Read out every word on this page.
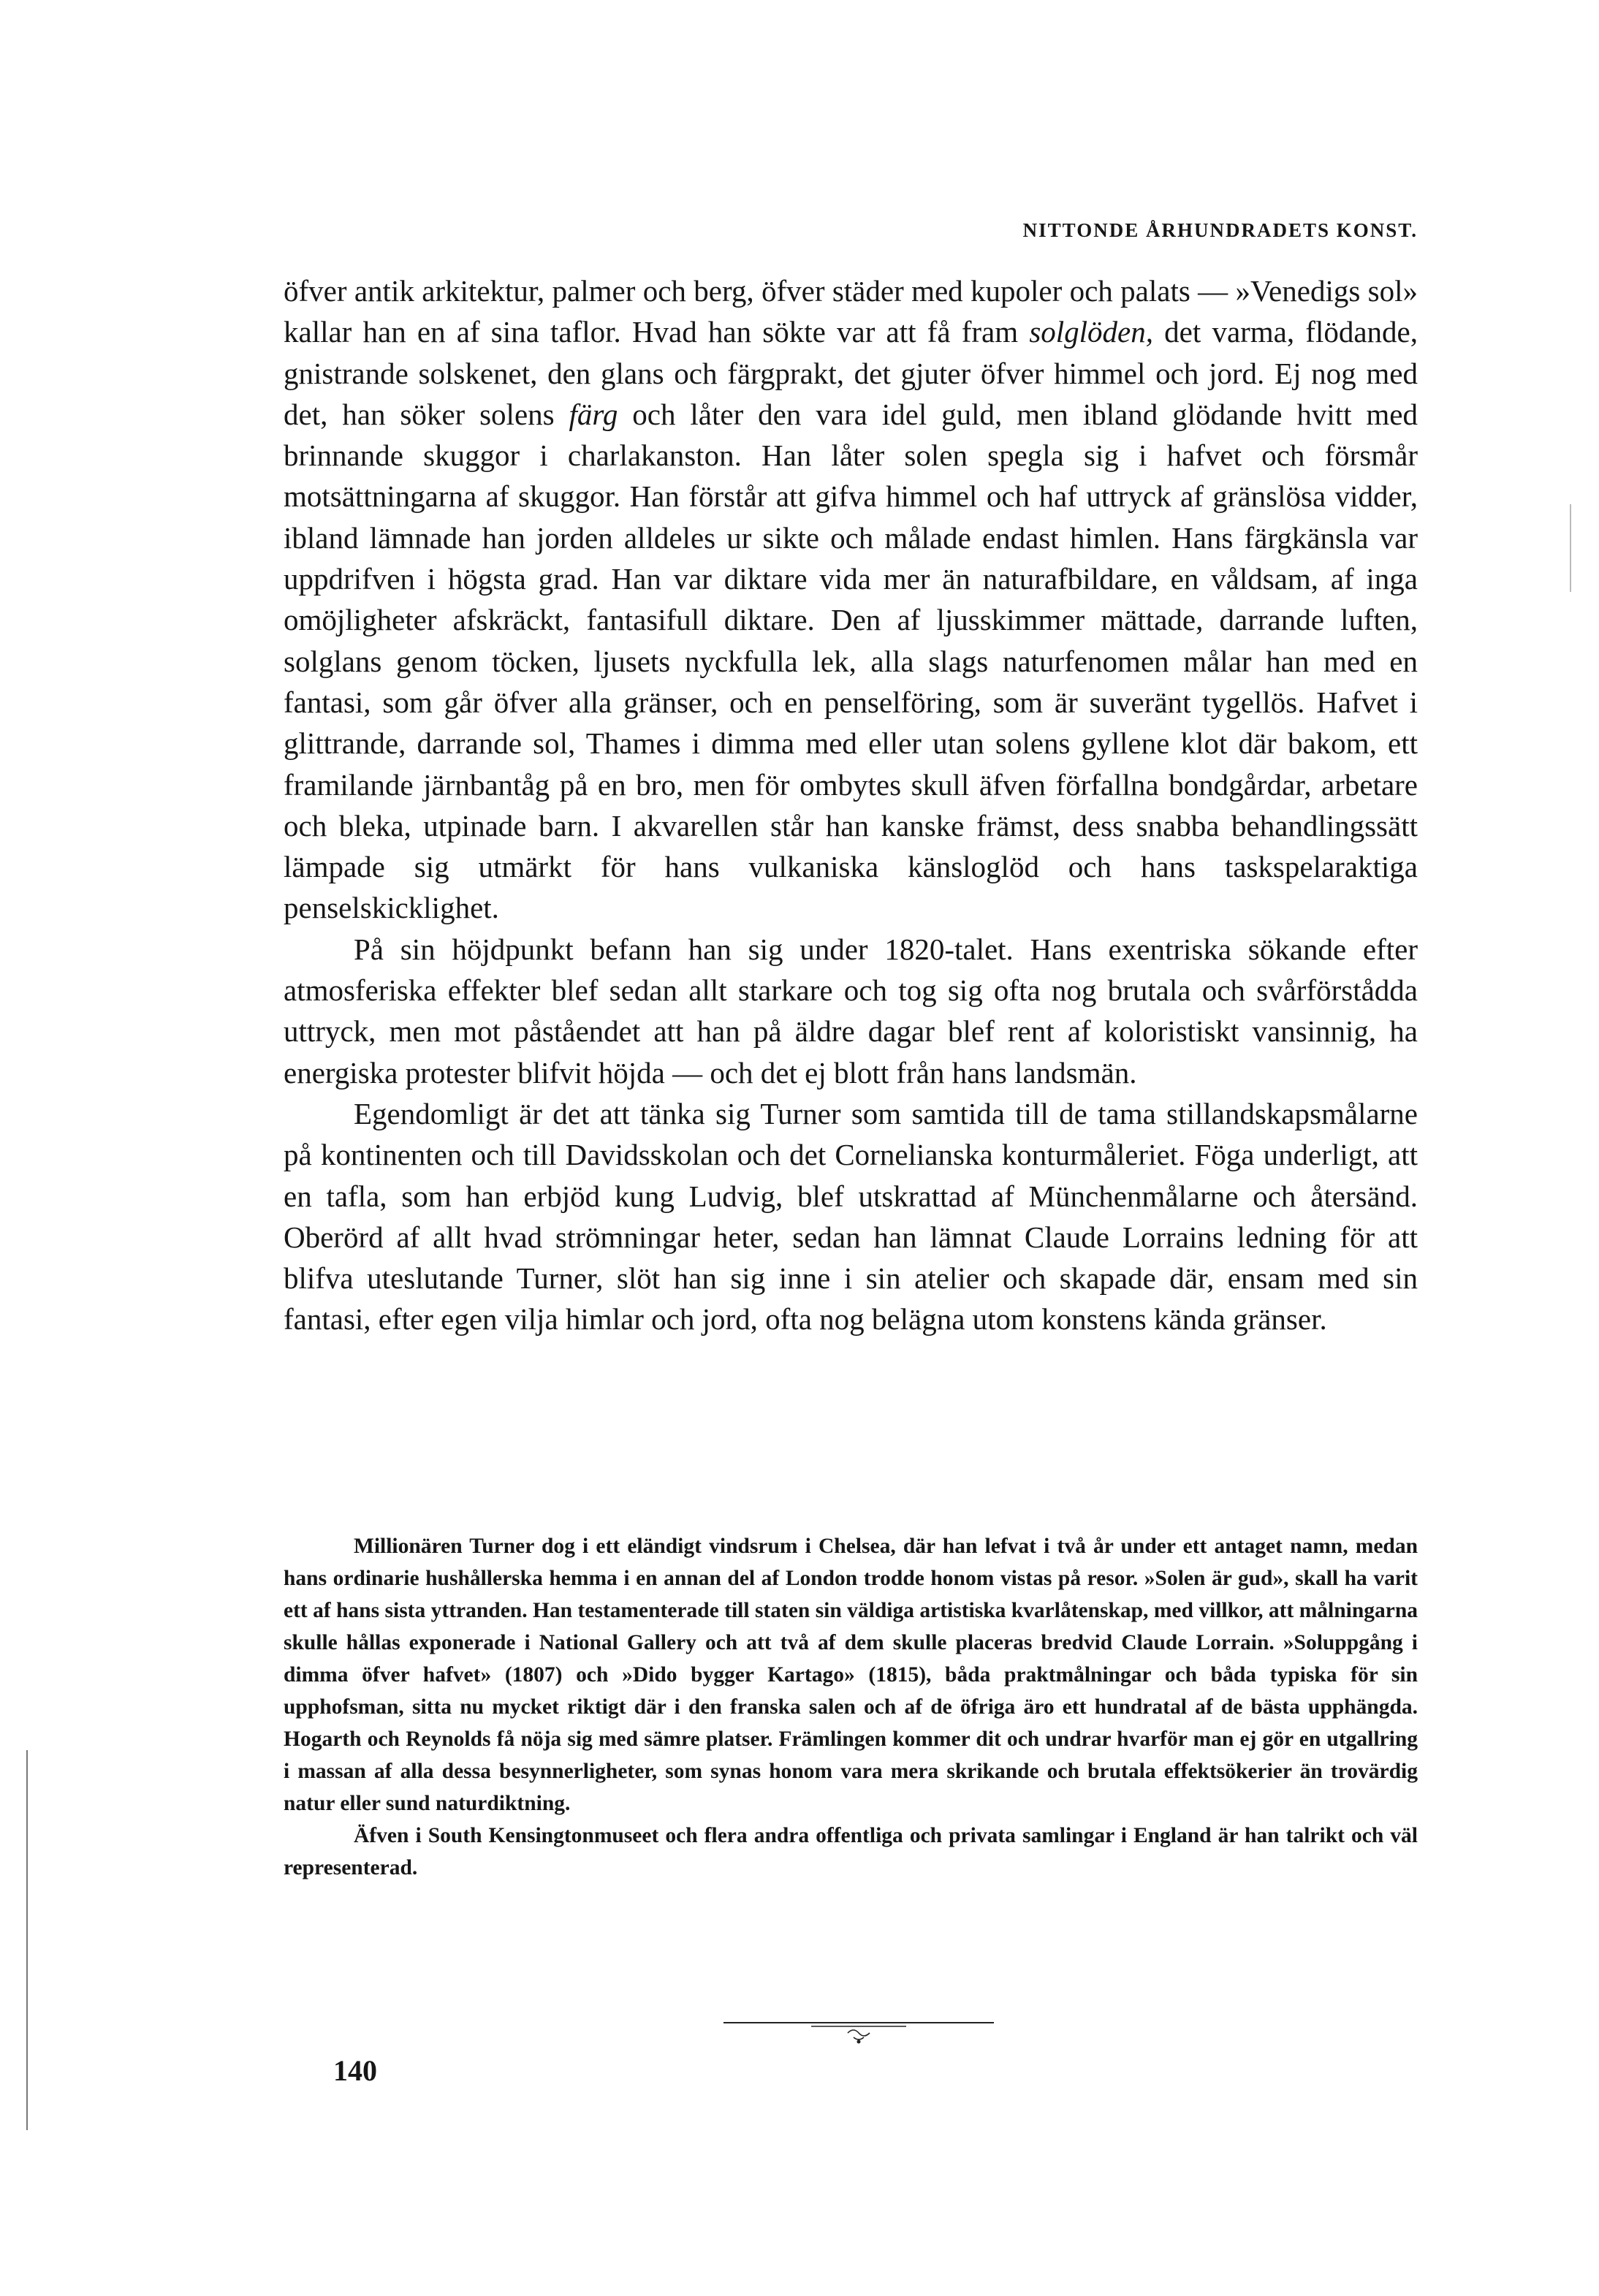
NITTONDE ÅRHUNDRADETS KONST.

öfver antik arkitektur, palmer och berg, öfver städer med kupoler och palats — »Venedigs sol» kallar han en af sina taflor. Hvad han sökte var att få fram solglöden, det varma, flödande, gnistrande solskenet, den glans och färgprakt, det gjuter öfver himmel och jord. Ej nog med det, han söker solens färg och låter den vara idel guld, men ibland glödande hvitt med brinnande skuggor i charlakanston. Han låter solen spegla sig i hafvet och försmår motsättningarna af skuggor. Han förstår att gifva himmel och haf uttryck af gränslösa vidder, ibland lämnade han jorden alldeles ur sikte och målade endast himlen. Hans färgkänsla var uppdrifven i högsta grad. Han var diktare vida mer än naturafbildare, en våldsam, af inga omöjligheter afskräckt, fantasifull diktare. Den af ljusskimmer mättade, darrande luften, solglans genom töcken, ljusets nyckfulla lek, alla slags naturfenomen målar han med en fantasi, som går öfver alla gränser, och en penselföring, som är suveränt tygellös. Hafvet i glittrande, darrande sol, Thames i dimma med eller utan solens gyllene klot där bakom, ett framilande järnbantåg på en bro, men för ombytes skull äfven förfallna bondgårdar, arbetare och bleka, utpinade barn. I akvarellen står han kanske främst, dess snabba behandlingssätt lämpade sig utmärkt för hans vulkaniska känsloglöd och hans taskspelaraktiga penselskicklighet.

På sin höjdpunkt befann han sig under 1820-talet. Hans exentriska sökande efter atmosferiska effekter blef sedan allt starkare och tog sig ofta nog brutala och svårförstådda uttryck, men mot påståendet att han på äldre dagar blef rent af koloristiskt vansinnig, ha energiska protester blifvit höjda — och det ej blott från hans landsmän.

Egendomligt är det att tänka sig Turner som samtida till de tama stillandskapsmålarne på kontinenten och till Davidsskolan och det Cornelianska konturmåleriet. Föga underligt, att en tafla, som han erbjöd kung Ludvig, blef utskrattad af Münchenmålarne och återsänd. Oberörd af allt hvad strömningar heter, sedan han lämnat Claude Lorrains ledning för att blifva uteslutande Turner, slöt han sig inne i sin atelier och skapade där, ensam med sin fantasi, efter egen vilja himlar och jord, ofta nog belägna utom konstens kända gränser.

Millionären Turner dog i ett eländigt vindsrum i Chelsea, där han lefvat i två år under ett antaget namn, medan hans ordinarie hushållerska hemma i en annan del af London trodde honom vistas på resor. »Solen är gud», skall ha varit ett af hans sista yttranden. Han testamenterade till staten sin väldiga artistiska kvarlåtenskap, med villkor, att målningarna skulle hållas exponerade i National Gallery och att två af dem skulle placeras bredvid Claude Lorrain. »Soluppgång i dimma öfver hafvet» (1807) och »Dido bygger Kartago» (1815), båda praktmålningar och båda typiska för sin upphofsman, sitta nu mycket riktigt där i den franska salen och af de öfriga äro ett hundratal af de bästa upphängda. Hogarth och Reynolds få nöja sig med sämre platser. Främlingen kommer dit och undrar hvarför man ej gör en utgallring i massan af alla dessa besynnerligheter, som synas honom vara mera skrikande och brutala effektsökerier än trovärdig natur eller sund naturdiktning.

Äfven i South Kensingtonmuseet och flera andra offentliga och privata samlingar i England är han talrikt och väl representerad.

140
